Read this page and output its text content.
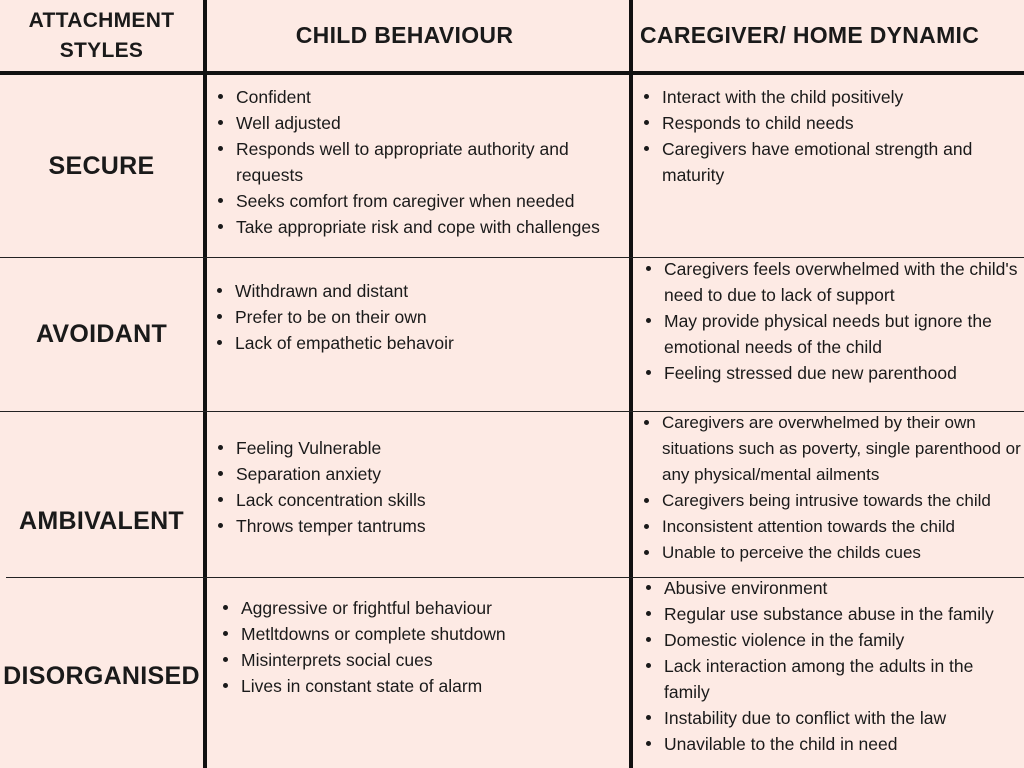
ATTACHMENT
STYLES
CHILD BEHAVIOUR	CAREGIVER/ HOME DYNAMIC
SECURE
Confident
Well adjusted
Responds well to appropriate authority and requests
Seeks comfort from caregiver when needed
Take appropriate risk and cope with challenges
Interact with the child positively
Responds to child needs
Caregivers have emotional strength and maturity
AVOIDANT
Withdrawn and distant
Prefer to be on their own
Lack of empathetic behavoir
Caregivers feels overwhelmed with the child's need to due to lack of support
May provide physical needs but ignore the emotional needs of the child
Feeling stressed due new parenthood
AMBIVALENT
Feeling Vulnerable
Separation anxiety
Lack concentration skills
Throws temper tantrums
Caregivers are overwhelmed by their own situations such as poverty, single parenthood or any physical/mental ailments
Caregivers being intrusive towards the child
Inconsistent attention towards the child
Unable to perceive the childs cues
DISORGANISED
Aggressive or frightful behaviour
Metltdowns or complete shutdown
Misinterprets social cues
Lives in constant state of alarm
Abusive environment
Regular use substance abuse in the family
Domestic violence in the family
Lack interaction among the adults in the family
Instability due to conflict with the law
Unavilable to the child in need
